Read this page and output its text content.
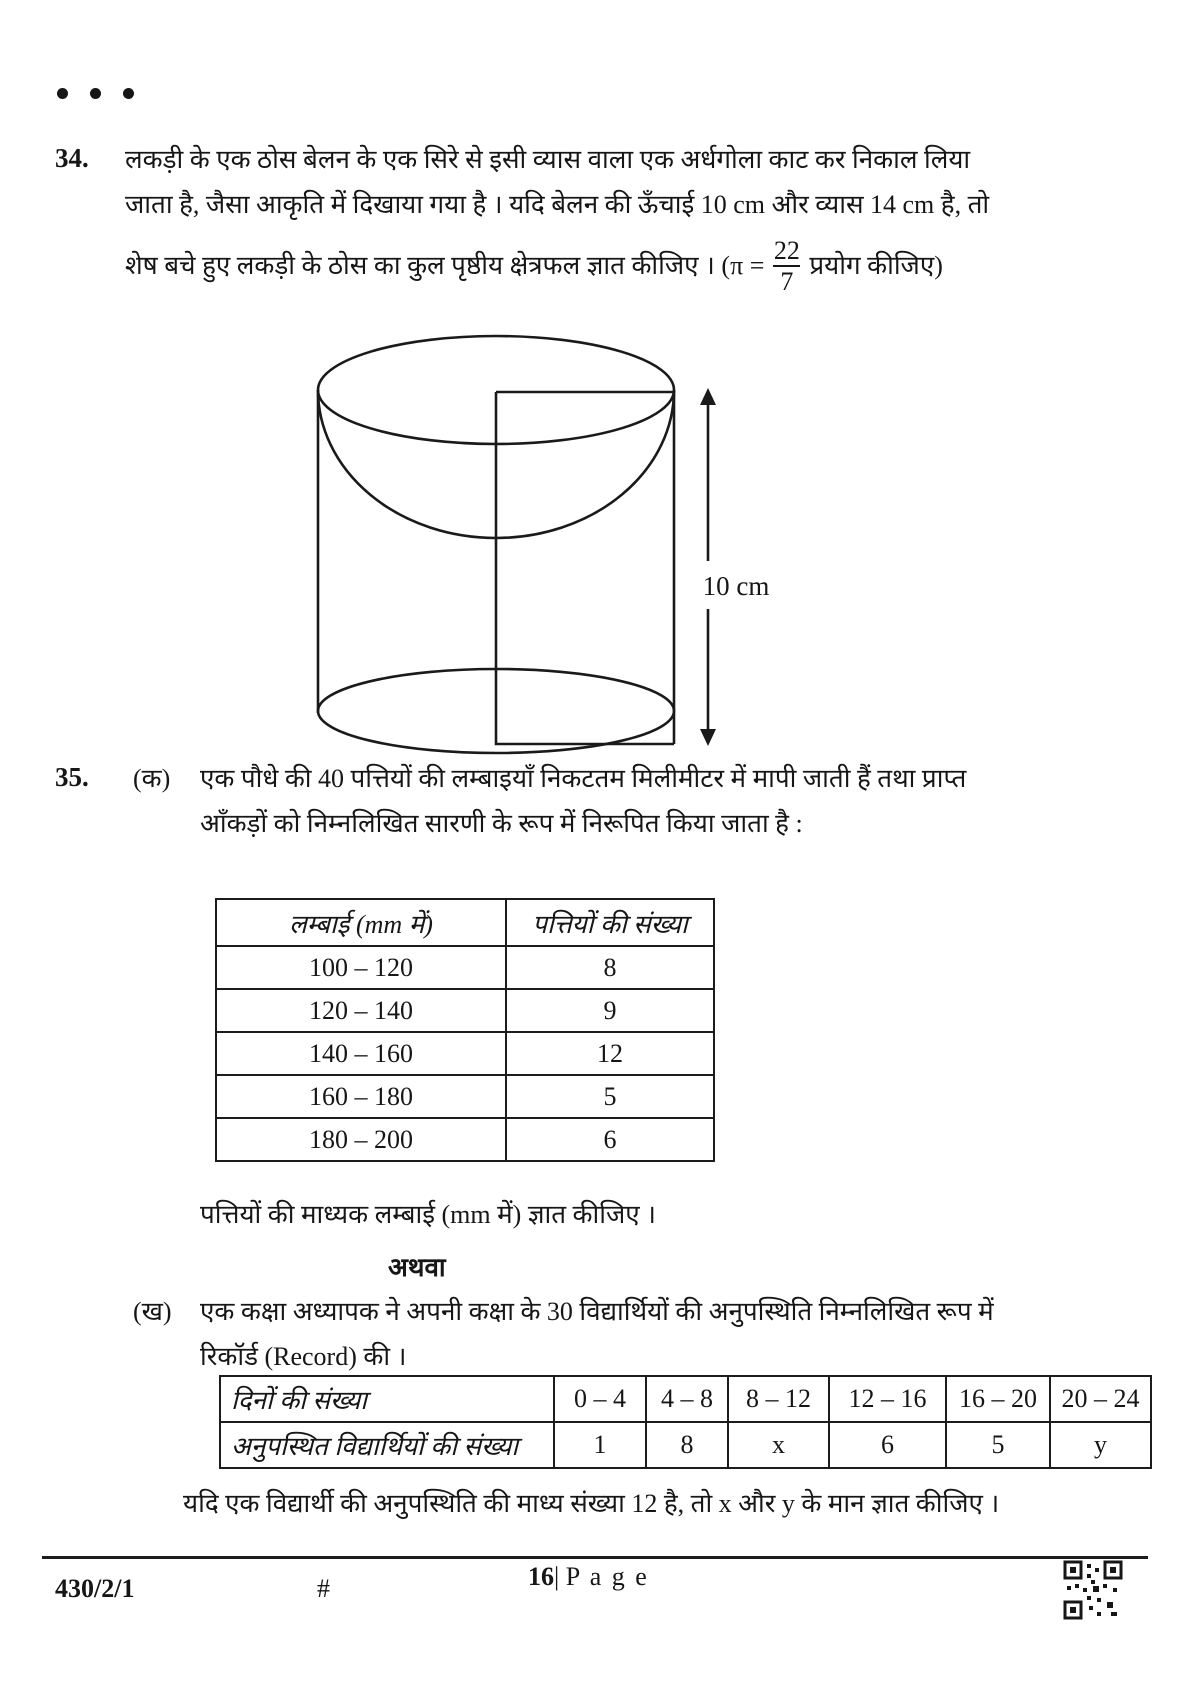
34. लकड़ी के एक ठोस बेलन के एक सिरे से इसी व्यास वाला एक अर्धगोला काट कर निकाल लिया
जाता है, जैसा आकृति में दिखाया गया है । यदि बेलन की ऊँचाई 10 cm और व्यास 14 cm है, तो
शेष बचे हुए लकड़ी के ठोस का कुल पृष्ठीय क्षेत्रफल ज्ञात कीजिए । ($\pi = \frac{22}{7}$ प्रयोग कीजिए)
10 cm
35. (क) एक पौधे की 40 पत्तियों की लम्बाइयाँ निकटतम मिलीमीटर में मापी जाती हैं तथा प्राप्त
आँकड़ों को निम्नलिखित सारणी के रूप में निरूपित किया जाता है :
लम्बाई (mm में)	पत्तियों की संख्या
100 – 120	8
120 – 140	9
140 – 160	12
160 – 180	5
180 – 200	6
पत्तियों की माध्यक लम्बाई (mm में) ज्ञात कीजिए ।
अथवा
(ख) एक कक्षा अध्यापक ने अपनी कक्षा के 30 विद्यार्थियों की अनुपस्थिति निम्नलिखित रूप में
रिकॉर्ड (Record) की ।
दिनों की संख्या	0 – 4	4 – 8	8 – 12	12 – 16	16 – 20	20 – 24
अनुपस्थित विद्यार्थियों की संख्या	1	8	x	6	5	y
यदि एक विद्यार्थी की अनुपस्थिति की माध्य संख्या 12 है, तो x और y के मान ज्ञात कीजिए ।
430/2/1	#	16| P a g e
